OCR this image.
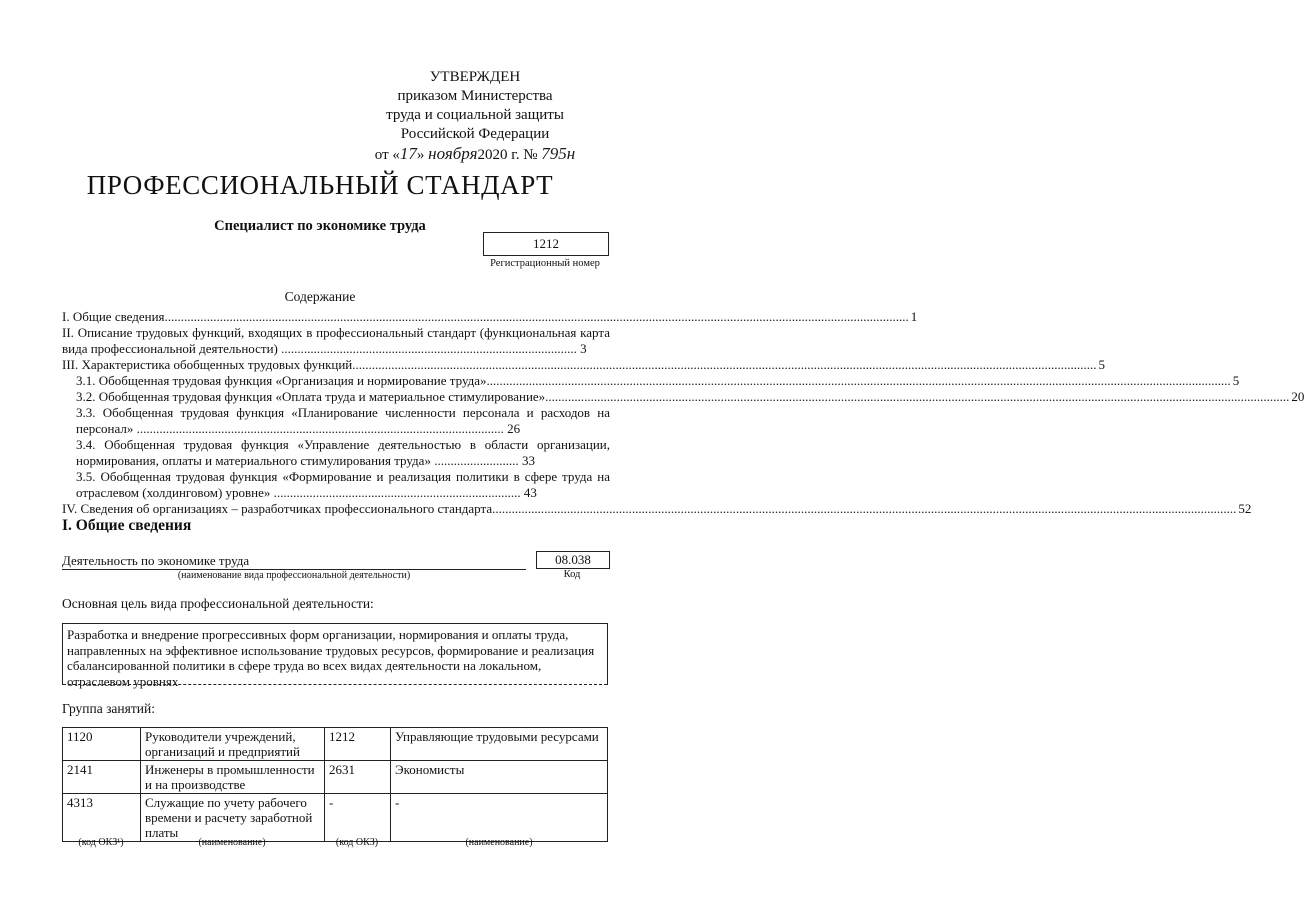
УТВЕРЖДЕН
приказом Министерства
труда и социальной защиты
Российской Федерации
от «17» ноября2020 г. № 795н
ПРОФЕССИОНАЛЬНЫЙ СТАНДАРТ
Специалист по экономике труда
1212
Регистрационный номер
Содержание
I. Общие сведения .....	1
II. Описание трудовых функций, входящих в профессиональный стандарт (функциональная карта вида профессиональной деятельности) ........................................................................................... 3
III. Характеристика обобщенных трудовых функций .....	5
3.1. Обобщенная трудовая функция «Организация и нормирование труда» .....	5
3.2. Обобщенная трудовая функция «Оплата труда и материальное стимулирование» .....	20
3.3. Обобщенная трудовая функция «Планирование численности персонала и расходов на персонал» ................................................................................................................. 26
3.4. Обобщенная трудовая функция «Управление деятельностью в области организации, нормирования, оплаты и материального стимулирования труда» .......................... 33
3.5. Обобщенная трудовая функция «Формирование и реализация политики в сфере труда на отраслевом (холдинговом) уровне» ............................................................................ 43
IV. Сведения об организациях – разработчиках профессионального стандарта .....	52
I. Общие сведения
Деятельность по экономике труда
(наименование вида профессиональной деятельности)
08.038
Код
Основная цель вида профессиональной деятельности:
Разработка и внедрение прогрессивных форм организации, нормирования и оплаты труда, направленных на эффективное использование трудовых ресурсов, формирование и реализация сбалансированной политики в сфере труда во всех видах деятельности на локальном, отраслевом уровнях
Группа занятий:
1120	Руководители учреждений, организаций и предприятий	1212	Управляющие трудовыми ресурсами
2141	Инженеры в промышленности и на производстве	2631	Экономисты
4313	Служащие по учету рабочего времени и расчету заработной платы	-	-
(код ОКЗ¹)	(наименование)	(код ОКЗ)	(наименование)
